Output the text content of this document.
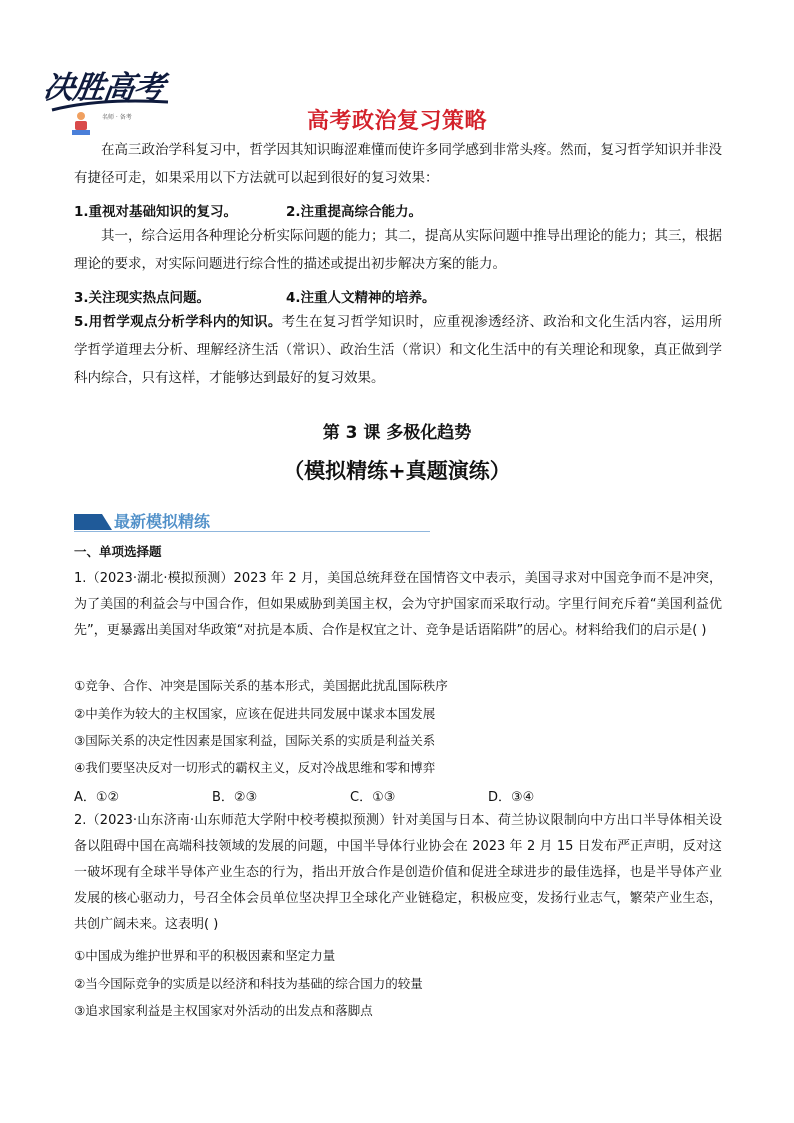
决胜高考
名师 · 备考	高考政治复习策略

在高三政治学科复习中，哲学因其知识晦涩难懂而使许多同学感到非常头疼。然而，复习哲学知识并非没有捷径可走，如果采用以下方法就可以起到很好的复习效果：

1.重视对基础知识的复习。	2.注重提高综合能力。

其一，综合运用各种理论分析实际问题的能力；其二，提高从实际问题中推导出理论的能力；其三，根据理论的要求，对实际问题进行综合性的描述或提出初步解决方案的能力。

3.关注现实热点问题。	4.注重人文精神的培养。

5.用哲学观点分析学科内的知识。考生在复习哲学知识时，应重视渗透经济、政治和文化生活内容，运用所学哲学道理去分析、理解经济生活（常识）、政治生活（常识）和文化生活中的有关理论和现象，真正做到学科内综合，只有这样，才能够达到最好的复习效果。

第 3 课 多极化趋势
（模拟精练+真题演练）
最新模拟精练
一、单项选择题

1.（2023·湖北·模拟预测）2023 年 2 月，美国总统拜登在国情咨文中表示，美国寻求对中国竞争而不是冲突，为了美国的利益会与中国合作，但如果威胁到美国主权，会为守护国家而采取行动。字里行间充斥着“美国利益优先”，更暴露出美国对华政策“对抗是本质、合作是权宜之计、竞争是话语陷阱”的居心。材料给我们的启示是( )

①竞争、合作、冲突是国际关系的基本形式，美国据此扰乱国际秩序
②中美作为较大的主权国家，应该在促进共同发展中谋求本国发展
③国际关系的决定性因素是国家利益，国际关系的实质是利益关系
④我们要坚决反对一切形式的霸权主义，反对冷战思维和零和博弈
A．①②	B．②③	C．①③	D．③④

2.（2023·山东济南·山东师范大学附中校考模拟预测）针对美国与日本、荷兰协议限制向中方出口半导体相关设备以阻碍中国在高端科技领域的发展的问题，中国半导体行业协会在 2023 年 2 月 15 日发布严正声明，反对这一破坏现有全球半导体产业生态的行为，指出开放合作是创造价值和促进全球进步的最佳选择，也是半导体产业发展的核心驱动力，号召全体会员单位坚决捍卫全球化产业链稳定，积极应变，发扬行业志气，繁荣产业生态，共创广阔未来。这表明( )

①中国成为维护世界和平的积极因素和坚定力量
②当今国际竞争的实质是以经济和科技为基础的综合国力的较量
③追求国家利益是主权国家对外活动的出发点和落脚点
